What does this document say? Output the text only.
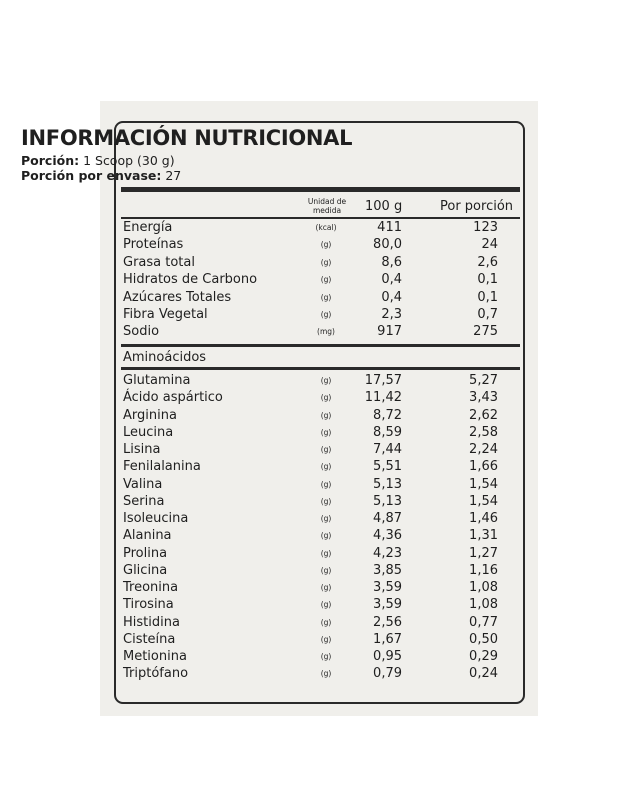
INFORMACIÓN NUTRICIONAL
Porción: 1 Scoop (30 g)
Porción por envase: 27
Unidad de medida	100 g	Por porción
Energía	(kcal)	411	123
Proteínas	(g)	80,0	24
Grasa total	(g)	8,6	2,6
Hidratos de Carbono	(g)	0,4	0,1
Azúcares Totales	(g)	0,4	0,1
Fibra Vegetal	(g)	2,3	0,7
Sodio	(mg)	917	275
Aminoácidos
Glutamina	(g)	17,57	5,27
Ácido aspártico	(g)	11,42	3,43
Arginina	(g)	8,72	2,62
Leucina	(g)	8,59	2,58
Lisina	(g)	7,44	2,24
Fenilalanina	(g)	5,51	1,66
Valina	(g)	5,13	1,54
Serina	(g)	5,13	1,54
Isoleucina	(g)	4,87	1,46
Alanina	(g)	4,36	1,31
Prolina	(g)	4,23	1,27
Glicina	(g)	3,85	1,16
Treonina	(g)	3,59	1,08
Tirosina	(g)	3,59	1,08
Histidina	(g)	2,56	0,77
Cisteína	(g)	1,67	0,50
Metionina	(g)	0,95	0,29
Triptófano	(g)	0,79	0,24
